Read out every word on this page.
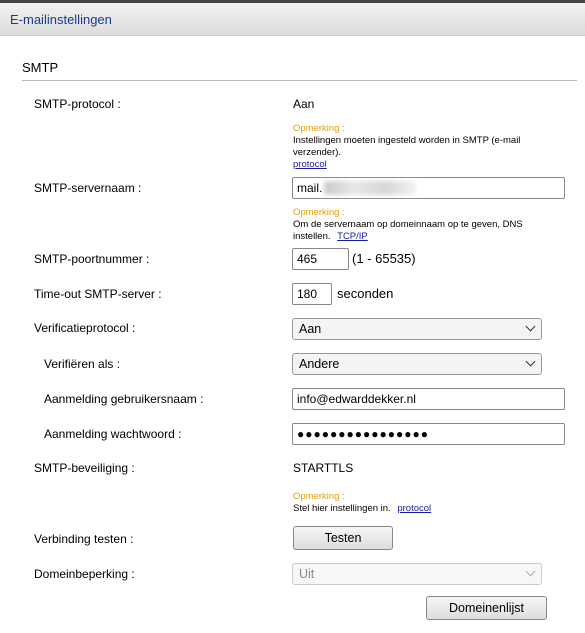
E-mailinstellingen
SMTP
SMTP-protocol :	Aan
Opmerking :
Instellingen moeten ingesteld worden in SMTP (e-mail verzender).
protocol
SMTP-servernaam :	mail.
Opmerking :
Om de servernaam op domeinnaam op te geven, DNS instellen. TCP/IP
SMTP-poortnummer :	465	(1 - 65535)
Time-out SMTP-server :	180	seconden
Verificatieprotocol :	Aan
Verifiëren als :	Andere
Aanmelding gebruikersnaam :	info@edwarddekker.nl
Aanmelding wachtwoord :	●●●●●●●●●●●●●●●●
SMTP-beveiliging :	STARTTLS
Opmerking :
Stel hier instellingen in. protocol
Verbinding testen :	Testen
Domeinbeperking :	Uit
Domeinenlijst
